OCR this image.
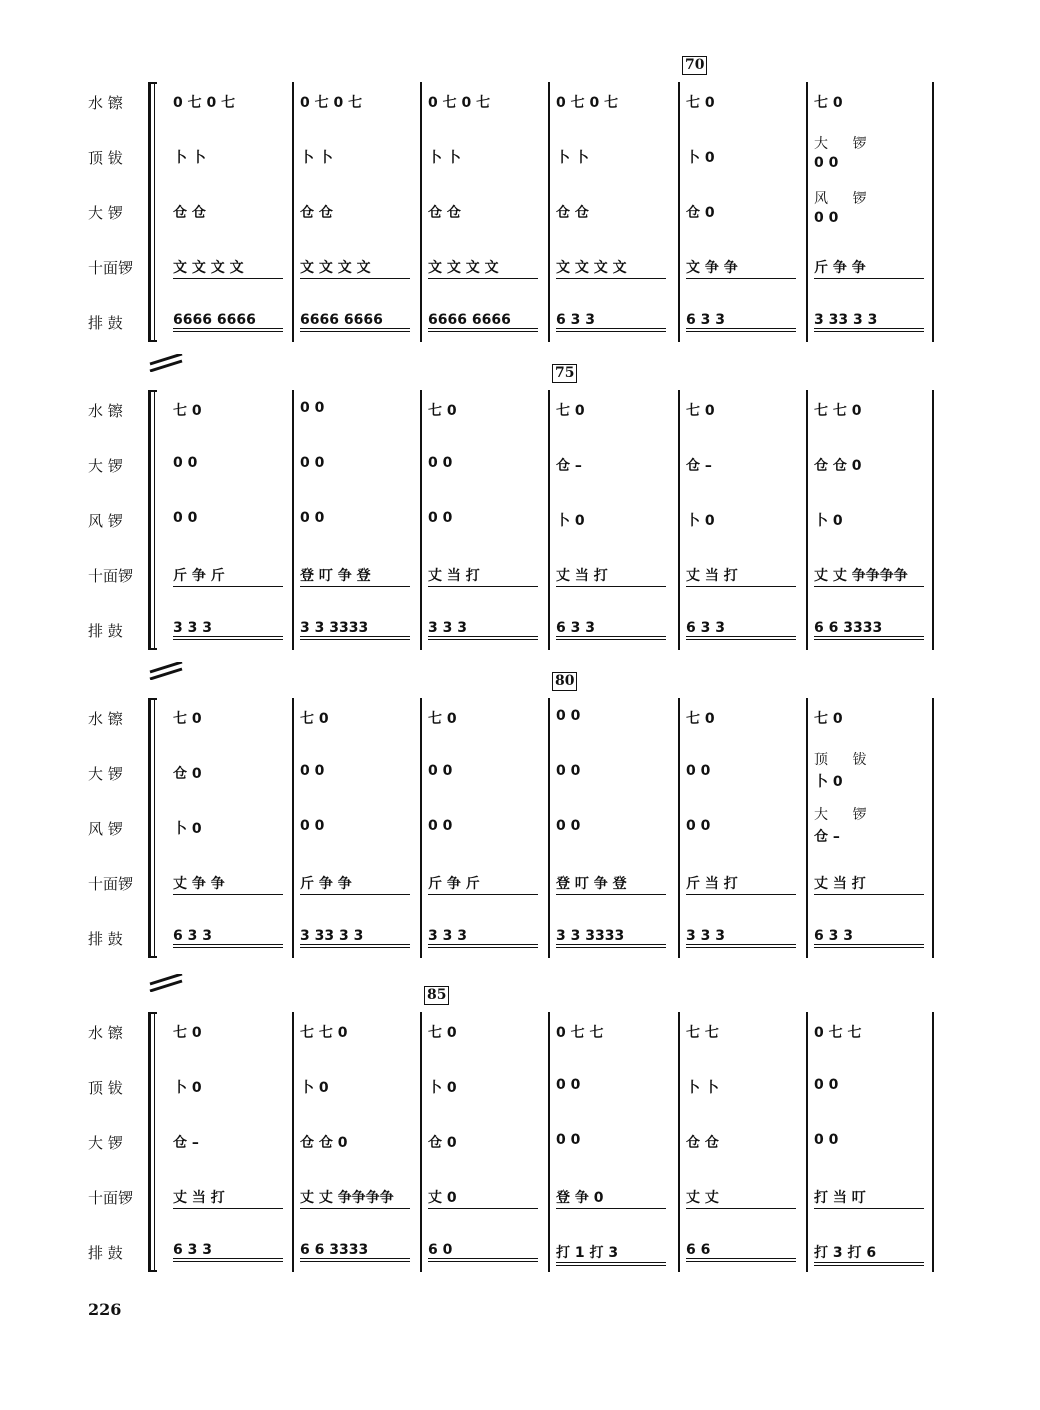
水 镲
顶 钹
大 锣
十面锣
排 鼓
70
0 七 0 七
卜 卜
仓 仓
文 文 文 文
6666 6666
0 七 0 七
卜 卜
仓 仓
文 文 文 文
6666 6666
0 七 0 七
卜 卜
仓 仓
文 文 文 文
6666 6666
0 七 0 七
卜 卜
仓 仓
文 文 文 文
6 3 3
七 0
卜 0
仓 0
文 争 争
6 3 3
七 0
0 0
0 0
斤 争 争
3 33 3 3
大 锣
风 锣
水 镲
大 锣
风 锣
十面锣
排 鼓
75
七 0
0 0
0 0
斤 争 斤
3 3 3
0 0
0 0
0 0
登 叮 争 登
3 3 3333
七 0
0 0
0 0
丈 当 打
3 3 3
七 0
仓 –
卜 0
丈 当 打
6 3 3
七 0
仓 –
卜 0
丈 当 打
6 3 3
七 七 0
仓 仓 0
卜 0
丈 丈 争争争争
6 6 3333
水 镲
大 锣
风 锣
十面锣
排 鼓
80
七 0
仓 0
卜 0
丈 争 争
6 3 3
七 0
0 0
0 0
斤 争 争
3 33 3 3
七 0
0 0
0 0
斤 争 斤
3 3 3
0 0
0 0
0 0
登 叮 争 登
3 3 3333
七 0
0 0
0 0
斤 当 打
3 3 3
七 0
卜 0
仓 –
丈 当 打
6 3 3
顶 钹
大 锣
水 镲
顶 钹
大 锣
十面锣
排 鼓
85
七 0
卜 0
仓 –
丈 当 打
6 3 3
七 七 0
卜 0
仓 仓 0
丈 丈 争争争争
6 6 3333
七 0
卜 0
仓 0
丈 0
6 0
0 七 七
0 0
0 0
登 争 0
打 1 打 3
七 七
卜 卜
仓 仓
丈 丈
6 6
0 七 七
0 0
0 0
打 当 叮
打 3 打 6
226
